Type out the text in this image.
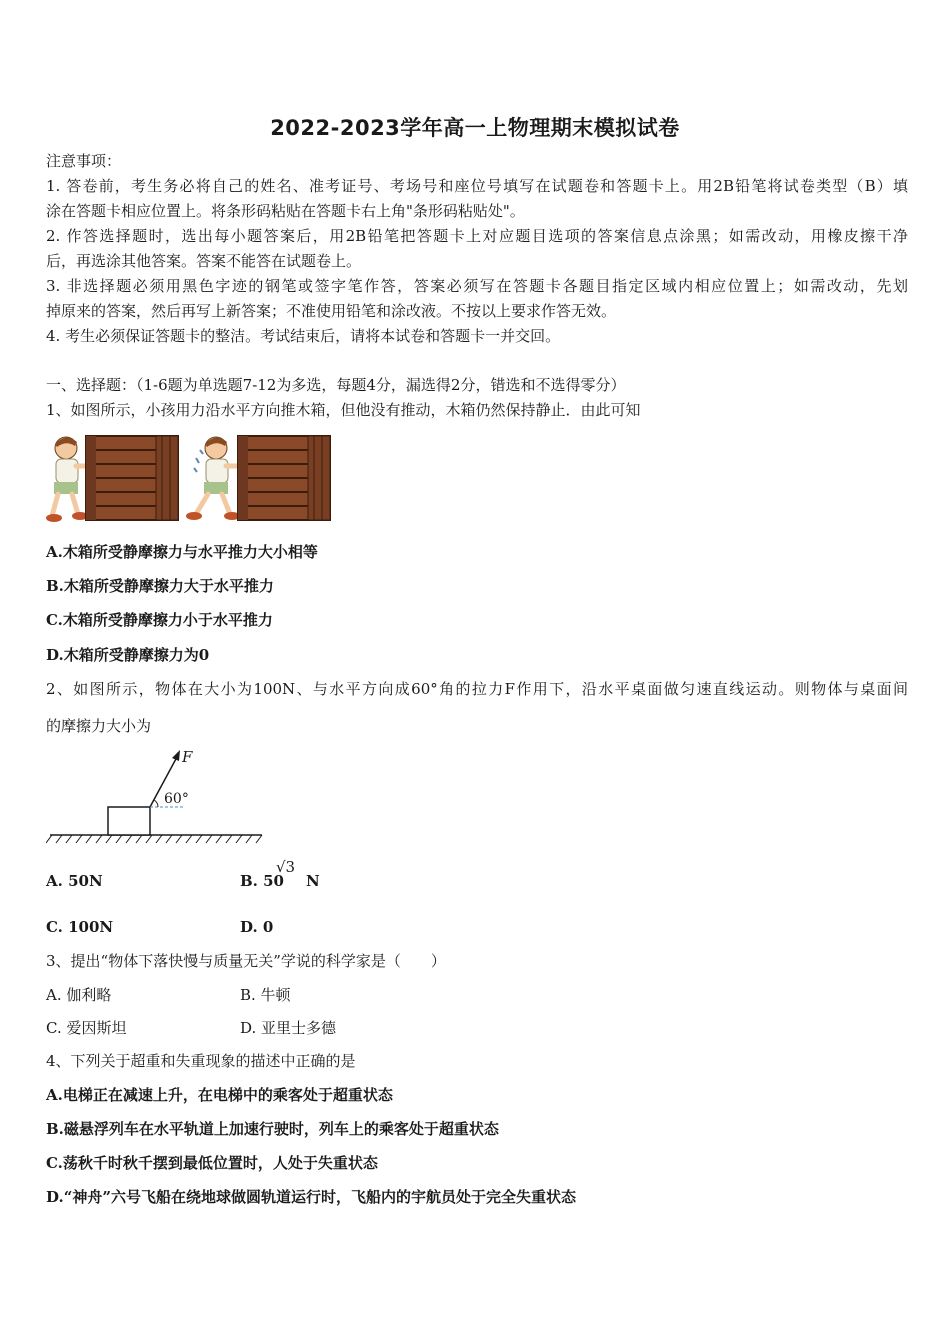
2022-2023学年高一上物理期末模拟试卷
注意事项：
1. 答卷前，考生务必将自己的姓名、准考证号、考场号和座位号填写在试题卷和答题卡上。用2B铅笔将试卷类型（B）填
涂在答题卡相应位置上。将条形码粘贴在答题卡右上角"条形码粘贴处"。
2. 作答选择题时，选出每小题答案后，用2B铅笔把答题卡上对应题目选项的答案信息点涂黑；如需改动，用橡皮擦干净
后，再选涂其他答案。答案不能答在试题卷上。
3. 非选择题必须用黑色字迹的钢笔或签字笔作答，答案必须写在答题卡各题目指定区域内相应位置上；如需改动，先划
掉原来的答案，然后再写上新答案；不准使用铅笔和涂改液。不按以上要求作答无效。
4. 考生必须保证答题卡的整洁。考试结束后，请将本试卷和答题卡一并交回。
一、选择题：（1-6题为单选题7-12为多选，每题4分，漏选得2分，错选和不选得零分）
1、如图所示，小孩用力沿水平方向推木箱，但他没有推动，木箱仍然保持静止．由此可知
A.木箱所受静摩擦力与水平推力大小相等
B.木箱所受静摩擦力大于水平推力
C.木箱所受静摩擦力小于水平推力
D.木箱所受静摩擦力为0
2、如图所示，物体在大小为100N、与水平方向成60°角的拉力F作用下，沿水平桌面做匀速直线运动。则物体与桌面间
的摩擦力大小为
F
60°
A. 50N	B. 50
√3
N
C. 100N	D. 0
3、提出“物体下落快慢与质量无关”学说的科学家是（　　）
A. 伽利略	B. 牛顿
C. 爱因斯坦	D. 亚里士多德
4、下列关于超重和失重现象的描述中正确的是
A.电梯正在减速上升，在电梯中的乘客处于超重状态
B.磁悬浮列车在水平轨道上加速行驶时，列车上的乘客处于超重状态
C.荡秋千时秋千摆到最低位置时，人处于失重状态
D.“神舟”六号飞船在绕地球做圆轨道运行时，飞船内的宇航员处于完全失重状态
